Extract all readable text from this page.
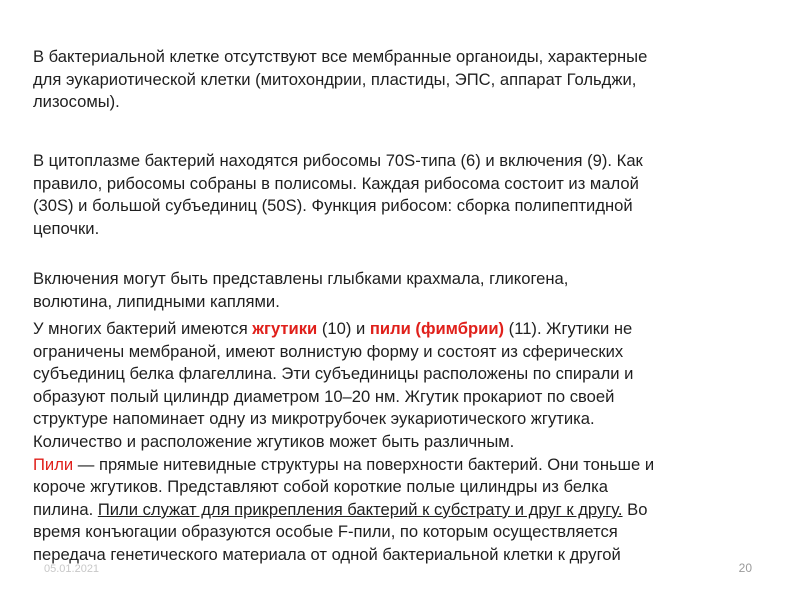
В бактериальной клетке отсутствуют все мембранные органоиды, характерные
для эукариотической клетки (митохондрии, пластиды, ЭПС, аппарат Гольджи,
лизосомы).
В цитоплазме бактерий находятся рибосомы 70S-типа (6) и включения (9). Как
правило, рибосомы собраны в полисомы. Каждая рибосома состоит из малой
(30S) и большой субъединиц (50S). Функция рибосом: сборка полипептидной
цепочки.
Включения могут быть представлены глыбками крахмала, гликогена,
волютина, липидными каплями.
У многих бактерий имеются жгутики (10) и пили (фимбрии) (11). Жгутики не
ограничены мембраной, имеют волнистую форму и состоят из сферических
субъединиц белка флагеллина. Эти субъединицы расположены по спирали и
образуют полый цилиндр диаметром 10–20 нм. Жгутик прокариот по своей
структуре напоминает одну из микротрубочек эукариотического жгутика.
Количество и расположение жгутиков может быть различным.
Пили — прямые нитевидные структуры на поверхности бактерий. Они тоньше и
короче жгутиков. Представляют собой короткие полые цилиндры из белка
пилина. Пили служат для прикрепления бактерий к субстрату и друг к другу. Во
время конъюгации образуются особые F-пили, по которым осуществляется
передача генетического материала от одной бактериальной клетки к другой
05.01.2021	20
